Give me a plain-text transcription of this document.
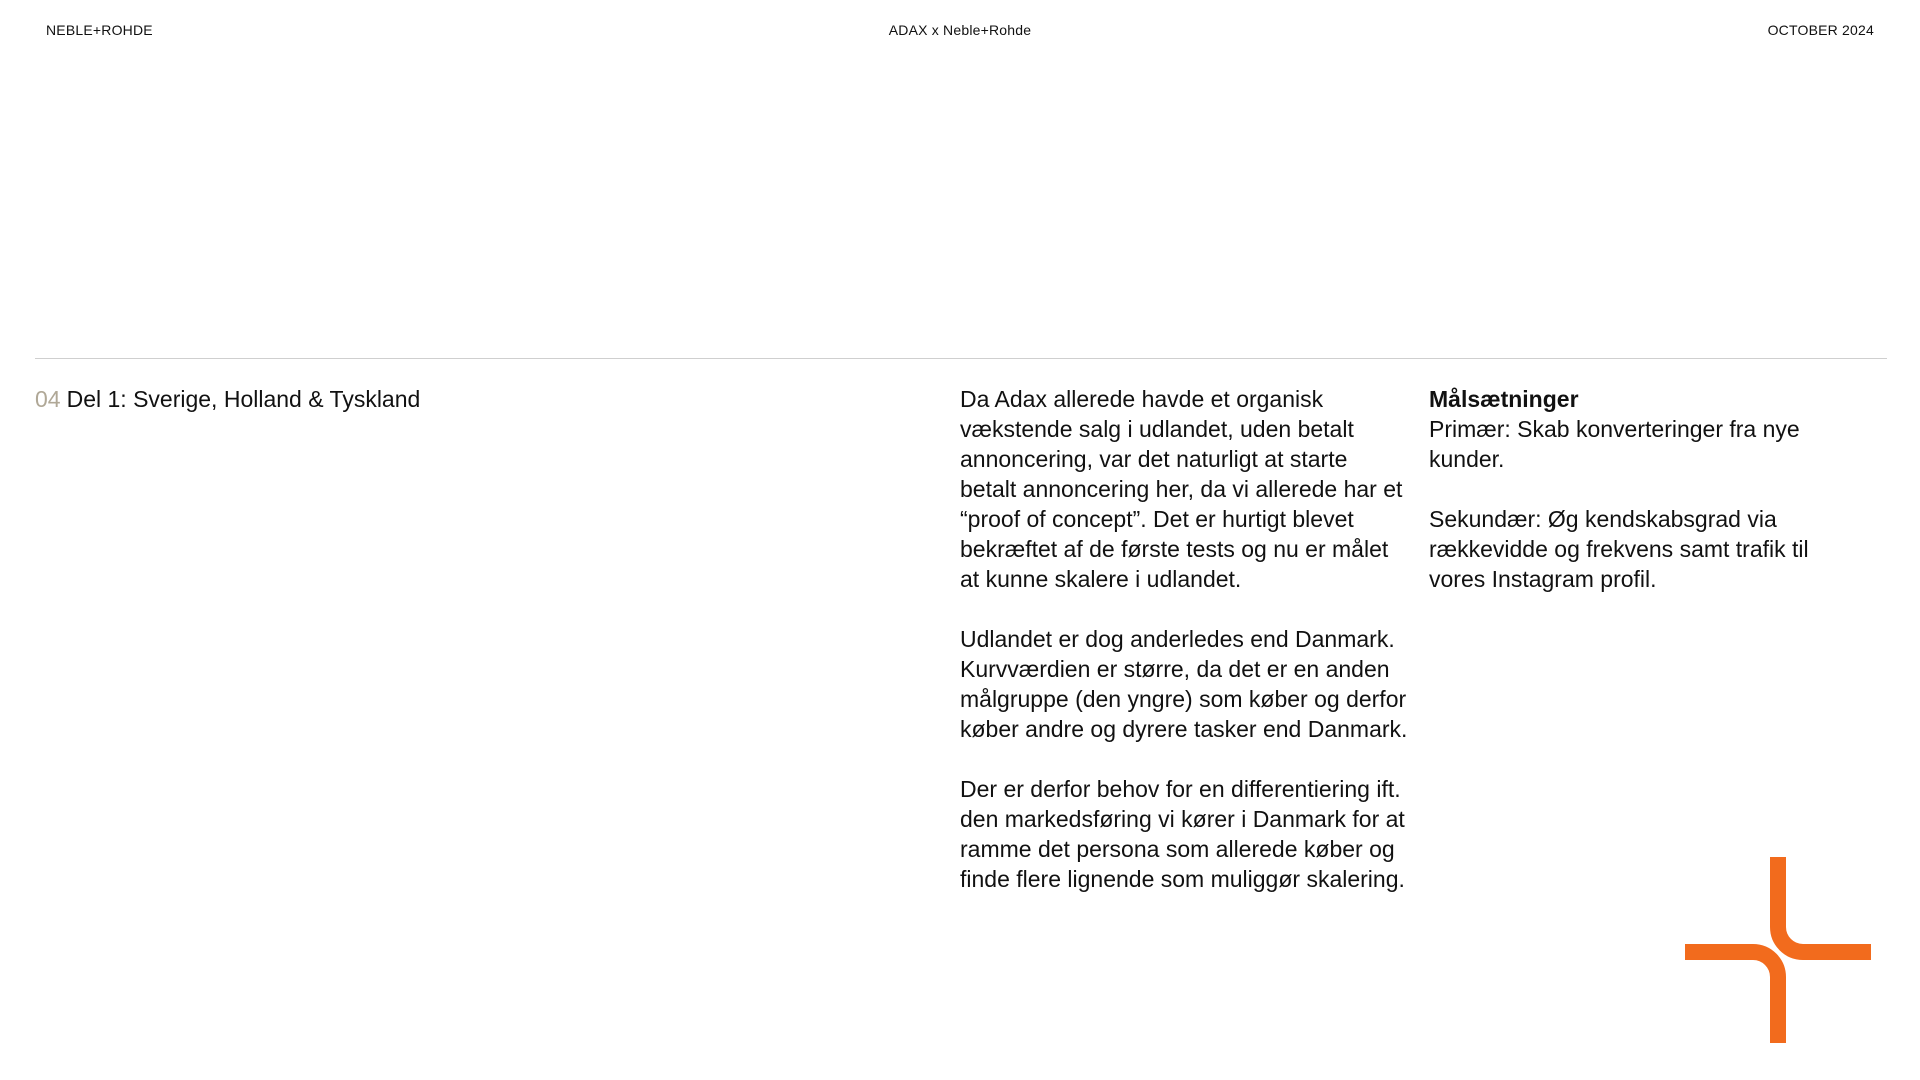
NEBLE+ROHDE	ADAX x Neble+Rohde	OCTOBER 2024
04 Del 1: Sverige, Holland & Tyskland	Da Adax allerede havde et organisk vækstende salg i udlandet, uden betalt annoncering, var det naturligt at starte betalt annoncering her, da vi allerede har et “proof of concept”. Det er hurtigt blevet bekræftet af de første tests og nu er målet at kunne skalere i udlandet.

Udlandet er dog anderledes end Danmark. Kurvværdien er større, da det er en anden målgruppe (den yngre) som køber og derfor køber andre og dyrere tasker end Danmark.

Der er derfor behov for en differentiering ift. den markedsføring vi kører i Danmark for at ramme det persona som allerede køber og finde flere lignende som muliggør skalering.

Målsætninger

Primær: Skab konverteringer fra nye kunder.

Sekundær: Øg kendskabsgrad via rækkevidde og frekvens samt trafik til vores Instagram profil.
